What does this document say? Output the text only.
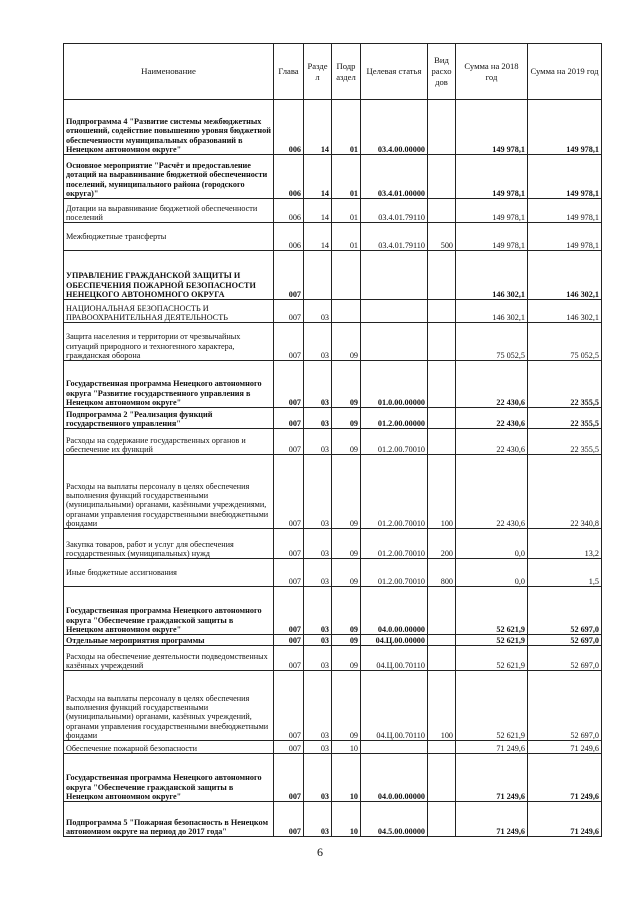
Наименование	Глава	Разде л	Подр аздел	Целевая статья	Вид расхо дов	Сумма на 2018 год	Сумма на 2019 год
Подпрограмма 4 "Развитие системы межбюджетных отношений, содействие повышению уровня бюджетной обеспеченности муниципальных образований в Ненецком автономном округе"	006	14	01	03.4.00.00000		149 978,1	149 978,1
Основное мероприятие "Расчёт и предоставление дотаций на выравнивание бюджетной обеспеченности поселений, муниципального района (городского округа)"	006	14	01	03.4.01.00000		149 978,1	149 978,1
Дотации на выравнивание бюджетной обеспеченности поселений	006	14	01	03.4.01.79110		149 978,1	149 978,1
Межбюджетные трансферты	006	14	01	03.4.01.79110	500	149 978,1	149 978,1
УПРАВЛЕНИЕ ГРАЖДАНСКОЙ ЗАЩИТЫ И ОБЕСПЕЧЕНИЯ ПОЖАРНОЙ БЕЗОПАСНОСТИ НЕНЕЦКОГО АВТОНОМНОГО ОКРУГА	007					146 302,1	146 302,1
НАЦИОНАЛЬНАЯ БЕЗОПАСНОСТЬ И ПРАВООХРАНИТЕЛЬНАЯ ДЕЯТЕЛЬНОСТЬ	007	03				146 302,1	146 302,1
Защита населения и территории от чрезвычайных ситуаций природного и техногенного характера, гражданская оборона	007	03	09			75 052,5	75 052,5
Государственная программа Ненецкого автономного округа "Развитие государственного управления в Ненецком автономном округе"	007	03	09	01.0.00.00000		22 430,6	22 355,5
Подпрограмма 2 "Реализация функций государственного управления"	007	03	09	01.2.00.00000		22 430,6	22 355,5
Расходы на содержание государственных органов и обеспечение их функций	007	03	09	01.2.00.70010		22 430,6	22 355,5
Расходы на выплаты персоналу в целях обеспечения выполнения функций государственными (муниципальными) органами, казёнными учреждениями, органами управления государственными внебюджетными фондами	007	03	09	01.2.00.70010	100	22 430,6	22 340,8
Закупка товаров, работ и услуг для обеспечения государственных (муниципальных) нужд	007	03	09	01.2.00.70010	200	0,0	13,2
Иные бюджетные ассигнования	007	03	09	01.2.00.70010	800	0,0	1,5
Государственная программа Ненецкого автономного округа "Обеспечение гражданской защиты в Ненецком автономном округе"	007	03	09	04.0.00.00000		52 621,9	52 697,0
Отдельные мероприятия программы	007	03	09	04.Ц.00.00000		52 621,9	52 697,0
Расходы на обеспечение деятельности подведомственных казённых учреждений	007	03	09	04.Ц.00.70110		52 621,9	52 697,0
Расходы на выплаты персоналу в целях обеспечения выполнения функций государственными (муниципальными) органами, казённых учреждений, органами управления государственными внебюджетными фондами	007	03	09	04.Ц.00.70110	100	52 621,9	52 697,0
Обеспечение пожарной безопасности	007	03	10			71 249,6	71 249,6
Государственная программа Ненецкого автономного округа "Обеспечение гражданской защиты в Ненецком автономном округе"	007	03	10	04.0.00.00000		71 249,6	71 249,6
Подпрограмма 5 "Пожарная безопасность в Ненецком автономном округе на период до 2017 года"	007	03	10	04.5.00.00000		71 249,6	71 249,6
6
